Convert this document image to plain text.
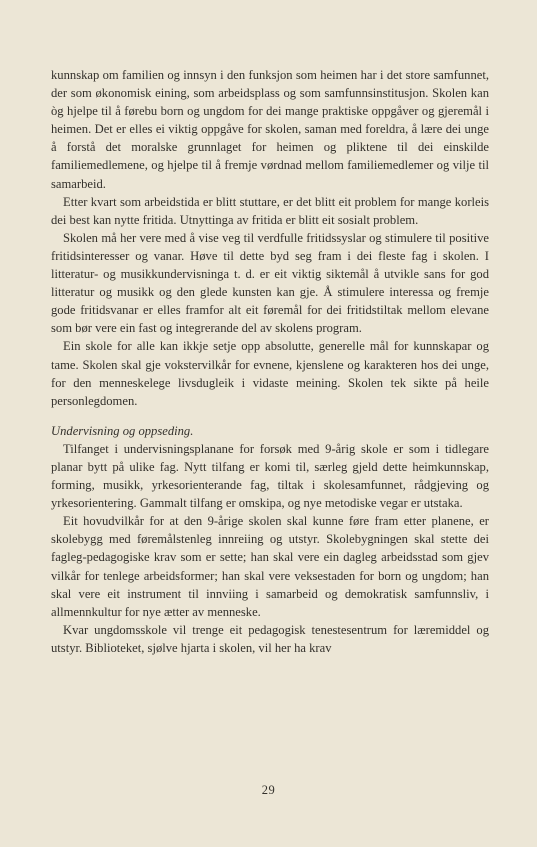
kunnskap om familien og innsyn i den funksjon som heimen har i det store samfunnet, der som økonomisk eining, som arbeidsplass og som samfunnsinstitusjon. Skolen kan òg hjelpe til å førebu born og ungdom for dei mange praktiske oppgåver og gjeremål i heimen. Det er elles ei viktig oppgåve for skolen, saman med foreldra, å lære dei unge å forstå det moralske grunnlaget for heimen og pliktene til dei einskilde familiemedlemene, og hjelpe til å fremje vørdnad mellom familiemedlemer og vilje til samarbeid.

Etter kvart som arbeidstida er blitt stuttare, er det blitt eit problem for mange korleis dei best kan nytte fritida. Utnyttinga av fritida er blitt eit sosialt problem.

Skolen må her vere med å vise veg til verdfulle fritidssyslar og stimulere til positive fritidsinteresser og vanar. Høve til dette byd seg fram i dei fleste fag i skolen. I litteratur- og musikkundervisninga t. d. er eit viktig siktemål å utvikle sans for god litteratur og musikk og den glede kunsten kan gje. Å stimulere interessa og fremje gode fritidsvanar er elles framfor alt eit føremål for dei fritidstiltak mellom elevane som bør vere ein fast og integrerande del av skolens program.

Ein skole for alle kan ikkje setje opp absolutte, generelle mål for kunnskapar og tame. Skolen skal gje vokstervilkår for evnene, kjenslene og karakteren hos dei unge, for den menneskelege livsdugleik i vidaste meining. Skolen tek sikte på heile personlegdomen.

Undervisning og oppseding.

Tilfanget i undervisningsplanane for forsøk med 9-årig skole er som i tidlegare planar bytt på ulike fag. Nytt tilfang er komi til, særleg gjeld dette heimkunnskap, forming, musikk, yrkesorienterande fag, tiltak i skolesamfunnet, rådgjeving og yrkesorientering. Gammalt tilfang er omskipa, og nye metodiske vegar er utstaka.

Eit hovudvilkår for at den 9-årige skolen skal kunne føre fram etter planene, er skolebygg med føremålstenleg innreiing og utstyr. Skolebygningen skal stette dei fagleg-pedagogiske krav som er sette; han skal vere ein dagleg arbeidsstad som gjev vilkår for tenlege arbeidsformer; han skal vere veksestaden for born og ungdom; han skal vere eit instrument til innviing i samarbeid og demokratisk samfunnsliv, i allmennkultur for nye ætter av menneske.

Kvar ungdomsskole vil trenge eit pedagogisk tenestesentrum for læremiddel og utstyr. Biblioteket, sjølve hjarta i skolen, vil her ha krav

29
